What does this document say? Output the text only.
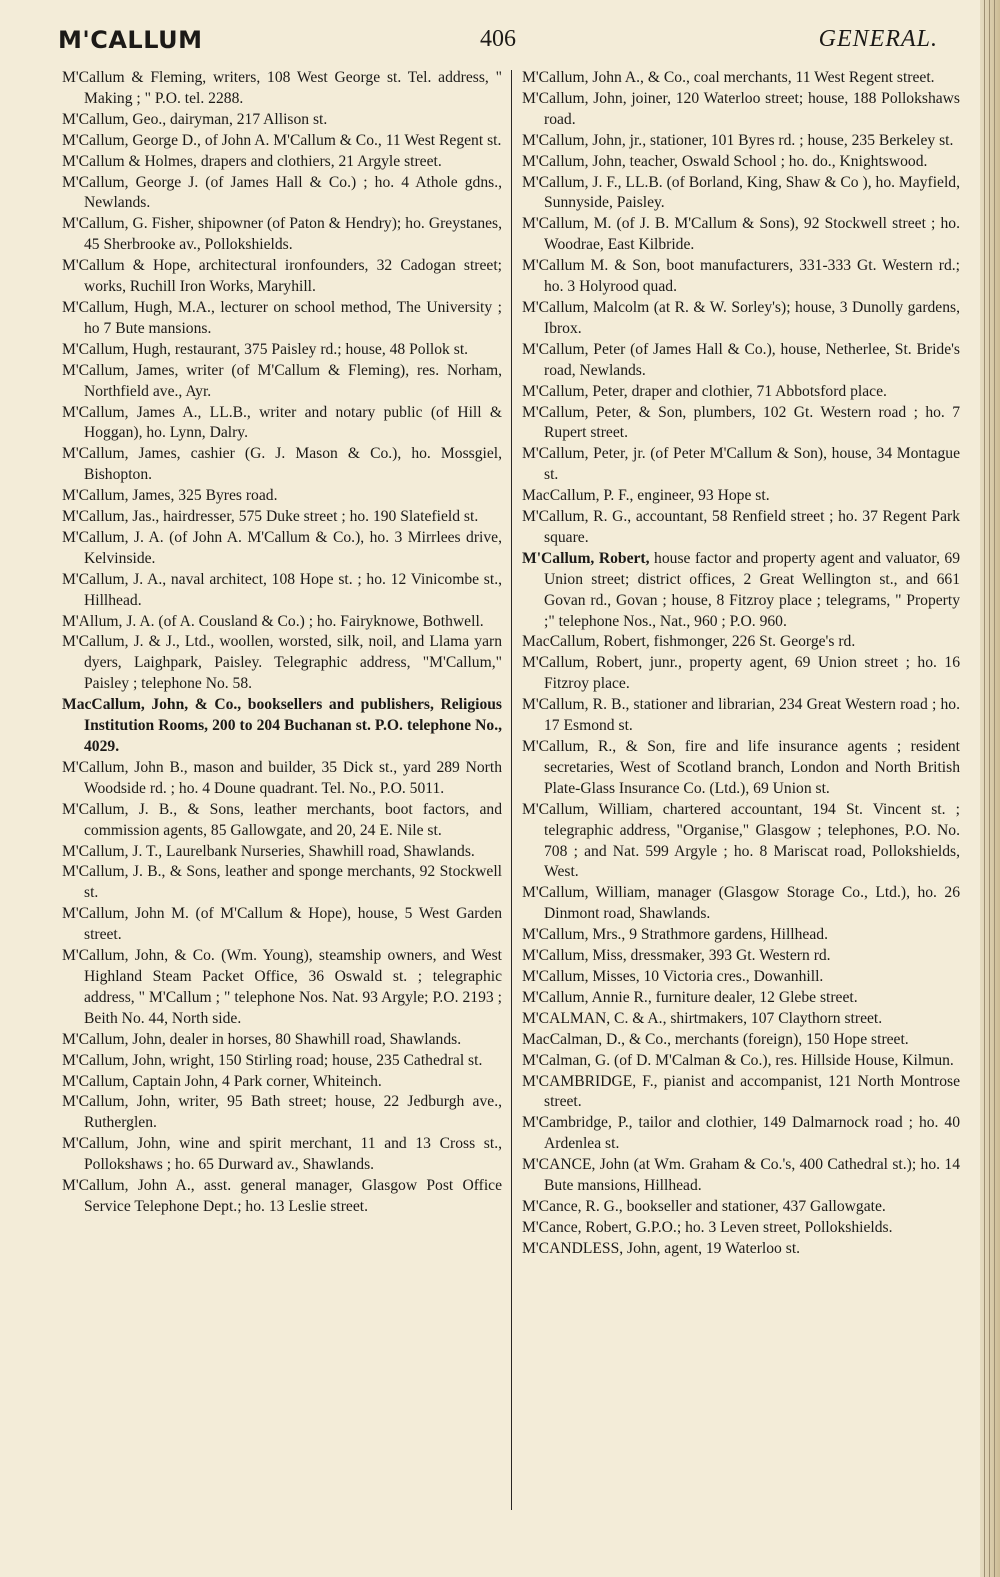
M'CALLUM	406	GENERAL.

M'Callum & Fleming, writers, 108 West George st. Tel. address, " Making ; " P.O. tel. 2288.

M'Callum, Geo., dairyman, 217 Allison st.

M'Callum, George D., of John A. M'Callum & Co., 11 West Regent st.

M'Callum & Holmes, drapers and clothiers, 21 Argyle street.

M'Callum, George J. (of James Hall & Co.) ; ho. 4 Athole gdns., Newlands.

M'Callum, G. Fisher, shipowner (of Paton & Hendry); ho. Greystanes, 45 Sherbrooke av., Pollokshields.

M'Callum & Hope, architectural ironfounders, 32 Cadogan street; works, Ruchill Iron Works, Maryhill.

M'Callum, Hugh, M.A., lecturer on school method, The University ; ho 7 Bute mansions.

M'Callum, Hugh, restaurant, 375 Paisley rd.; house, 48 Pollok st.

M'Callum, James, writer (of M'Callum & Fleming), res. Norham, Northfield ave., Ayr.

M'Callum, James A., LL.B., writer and notary public (of Hill & Hoggan), ho. Lynn, Dalry.

M'Callum, James, cashier (G. J. Mason & Co.), ho. Mossgiel, Bishopton.

M'Callum, James, 325 Byres road.

M'Callum, Jas., hairdresser, 575 Duke street ; ho. 190 Slatefield st.

M'Callum, J. A. (of John A. M'Callum & Co.), ho. 3 Mirrlees drive, Kelvinside.

M'Callum, J. A., naval architect, 108 Hope st. ; ho. 12 Vinicombe st., Hillhead.

M'Allum, J. A. (of A. Cousland & Co.) ; ho. Fairyknowe, Bothwell.

M'Callum, J. & J., Ltd., woollen, worsted, silk, noil, and Llama yarn dyers, Laighpark, Paisley. Telegraphic address, "M'Callum," Paisley ; telephone No. 58.

MacCallum, John, & Co., booksellers and publishers, Religious Institution Rooms, 200 to 204 Buchanan st. P.O. telephone No., 4029.

M'Callum, John B., mason and builder, 35 Dick st., yard 289 North Woodside rd. ; ho. 4 Doune quadrant. Tel. No., P.O. 5011.

M'Callum, J. B., & Sons, leather merchants, boot factors, and commission agents, 85 Gallowgate, and 20, 24 E. Nile st.

M'Callum, J. T., Laurelbank Nurseries, Shawhill road, Shawlands.

M'Callum, J. B., & Sons, leather and sponge merchants, 92 Stockwell st.

M'Callum, John M. (of M'Callum & Hope), house, 5 West Garden street.

M'Callum, John, & Co. (Wm. Young), steamship owners, and West Highland Steam Packet Office, 36 Oswald st. ; telegraphic address, " M'Callum ; " telephone Nos. Nat. 93 Argyle; P.O. 2193 ; Beith No. 44, North side.

M'Callum, John, dealer in horses, 80 Shawhill road, Shawlands.

M'Callum, John, wright, 150 Stirling road; house, 235 Cathedral st.

M'Callum, Captain John, 4 Park corner, Whiteinch.

M'Callum, John, writer, 95 Bath street; house, 22 Jedburgh ave., Rutherglen.

M'Callum, John, wine and spirit merchant, 11 and 13 Cross st., Pollokshaws ; ho. 65 Durward av., Shawlands.

M'Callum, John A., asst. general manager, Glasgow Post Office Service Telephone Dept.; ho. 13 Leslie street.

M'Callum, John A., & Co., coal merchants, 11 West Regent street.

M'Callum, John, joiner, 120 Waterloo street; house, 188 Pollokshaws road.

M'Callum, John, jr., stationer, 101 Byres rd. ; house, 235 Berkeley st.

M'Callum, John, teacher, Oswald School ; ho. do., Knightswood.

M'Callum, J. F., LL.B. (of Borland, King, Shaw & Co ), ho. Mayfield, Sunnyside, Paisley.

M'Callum, M. (of J. B. M'Callum & Sons), 92 Stockwell street ; ho. Woodrae, East Kilbride.

M'Callum M. & Son, boot manufacturers, 331-333 Gt. Western rd.; ho. 3 Holyrood quad.

M'Callum, Malcolm (at R. & W. Sorley's); house, 3 Dunolly gardens, Ibrox.

M'Callum, Peter (of James Hall & Co.), house, Netherlee, St. Bride's road, Newlands.

M'Callum, Peter, draper and clothier, 71 Abbotsford place.

M'Callum, Peter, & Son, plumbers, 102 Gt. Western road ; ho. 7 Rupert street.

M'Callum, Peter, jr. (of Peter M'Callum & Son), house, 34 Montague st.

MacCallum, P. F., engineer, 93 Hope st.

M'Callum, R. G., accountant, 58 Renfield street ; ho. 37 Regent Park square.

M'Callum, Robert, house factor and property agent and valuator, 69 Union street; district offices, 2 Great Wellington st., and 661 Govan rd., Govan ; house, 8 Fitzroy place ; telegrams, " Property ;" telephone Nos., Nat., 960 ; P.O. 960.

MacCallum, Robert, fishmonger, 226 St. George's rd.

M'Callum, Robert, junr., property agent, 69 Union street ; ho. 16 Fitzroy place.

M'Callum, R. B., stationer and librarian, 234 Great Western road ; ho. 17 Esmond st.

M'Callum, R., & Son, fire and life insurance agents ; resident secretaries, West of Scotland branch, London and North British Plate-Glass Insurance Co. (Ltd.), 69 Union st.

M'Callum, William, chartered accountant, 194 St. Vincent st. ; telegraphic address, "Organise," Glasgow ; telephones, P.O. No. 708 ; and Nat. 599 Argyle ; ho. 8 Mariscat road, Pollokshields, West.

M'Callum, William, manager (Glasgow Storage Co., Ltd.), ho. 26 Dinmont road, Shawlands.

M'Callum, Mrs., 9 Strathmore gardens, Hillhead.

M'Callum, Miss, dressmaker, 393 Gt. Western rd.

M'Callum, Misses, 10 Victoria cres., Dowanhill.

M'Callum, Annie R., furniture dealer, 12 Glebe street.

M'CALMAN, C. & A., shirtmakers, 107 Claythorn street.

MacCalman, D., & Co., merchants (foreign), 150 Hope street.

M'Calman, G. (of D. M'Calman & Co.), res. Hillside House, Kilmun.

M'CAMBRIDGE, F., pianist and accompanist, 121 North Montrose street.

M'Cambridge, P., tailor and clothier, 149 Dalmarnock road ; ho. 40 Ardenlea st.

M'CANCE, John (at Wm. Graham & Co.'s, 400 Cathedral st.); ho. 14 Bute mansions, Hillhead.

M'Cance, R. G., bookseller and stationer, 437 Gallowgate.

M'Cance, Robert, G.P.O.; ho. 3 Leven street, Pollokshields.

M'CANDLESS, John, agent, 19 Waterloo st.
